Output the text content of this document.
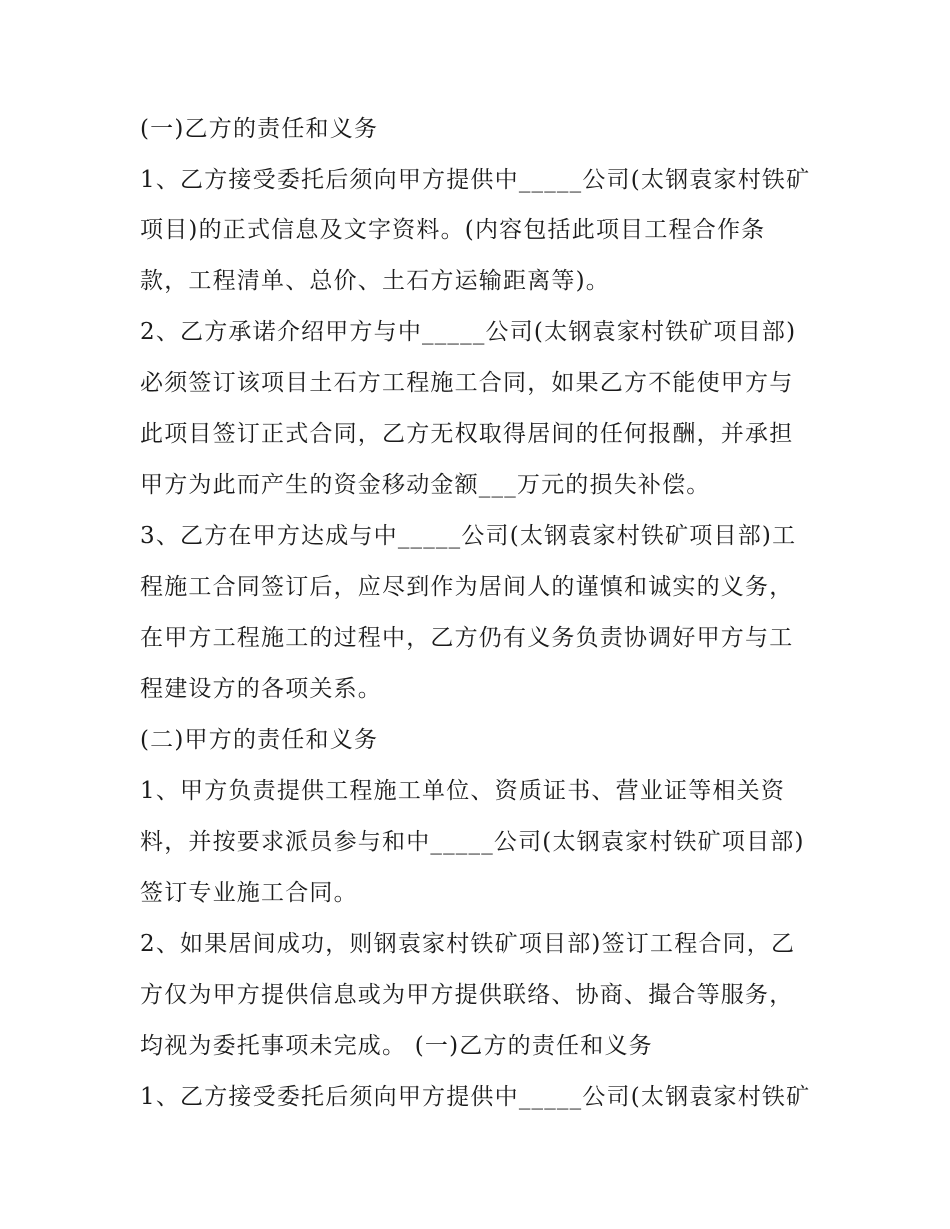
(一)乙方的责任和义务
1、乙方接受委托后须向甲方提供中_____公司(太钢袁家村铁矿
项目)的正式信息及文字资料。(内容包括此项目工程合作条
款，工程清单、总价、土石方运输距离等)。
2、乙方承诺介绍甲方与中_____公司(太钢袁家村铁矿项目部)
必须签订该项目土石方工程施工合同，如果乙方不能使甲方与
此项目签订正式合同，乙方无权取得居间的任何报酬，并承担
甲方为此而产生的资金移动金额___万元的损失补偿。
3、乙方在甲方达成与中_____公司(太钢袁家村铁矿项目部)工
程施工合同签订后，应尽到作为居间人的谨慎和诚实的义务，
在甲方工程施工的过程中，乙方仍有义务负责协调好甲方与工
程建设方的各项关系。
(二)甲方的责任和义务
1、甲方负责提供工程施工单位、资质证书、营业证等相关资
料，并按要求派员参与和中_____公司(太钢袁家村铁矿项目部)
签订专业施工合同。
2、如果居间成功，则钢袁家村铁矿项目部)签订工程合同，乙
方仅为甲方提供信息或为甲方提供联络、协商、撮合等服务，
均视为委托事项未完成。 (一)乙方的责任和义务
1、乙方接受委托后须向甲方提供中_____公司(太钢袁家村铁矿
